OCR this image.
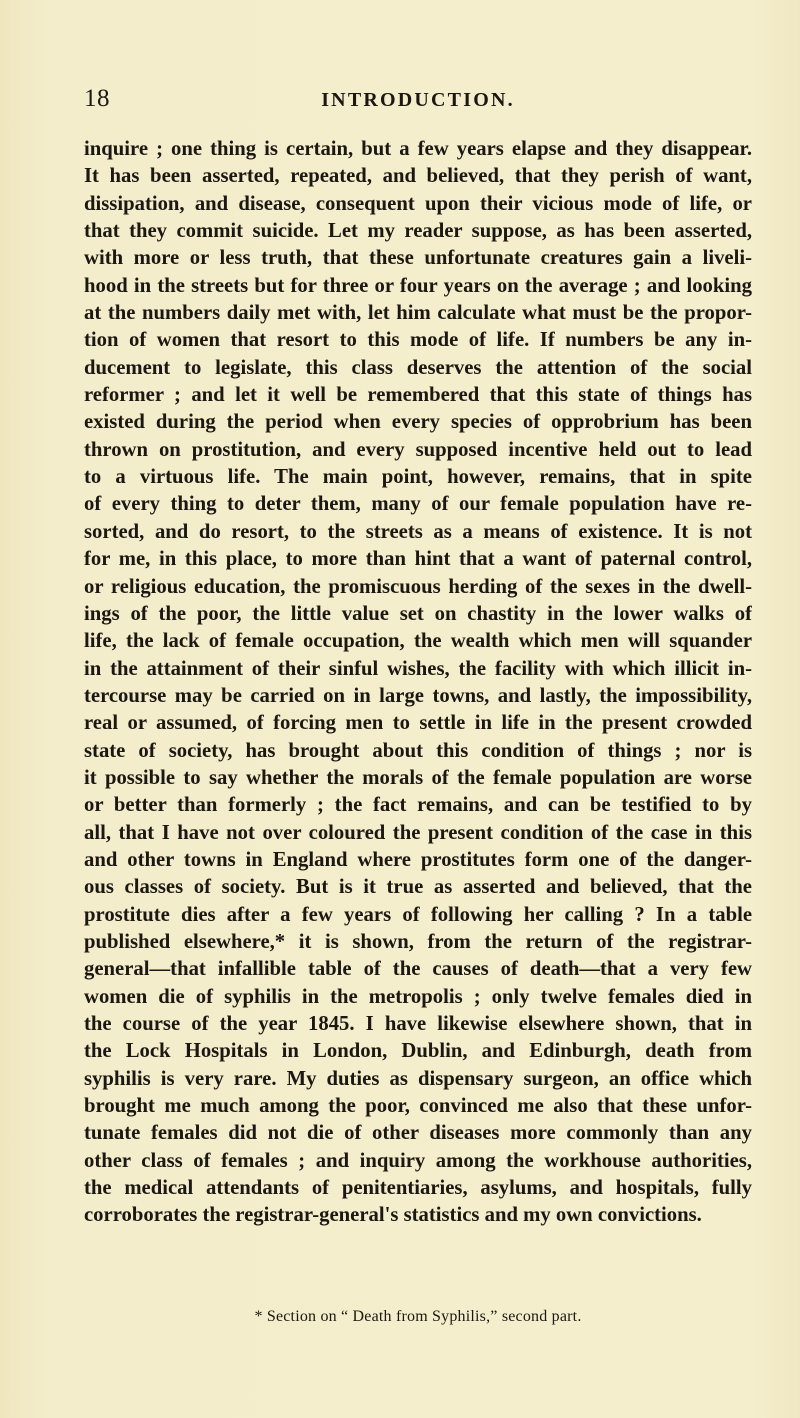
18	INTRODUCTION.
inquire ; one thing is certain, but a few years elapse and they disappear.
It has been asserted, repeated, and believed, that they perish of want,
dissipation, and disease, consequent upon their vicious mode of life, or
that they commit suicide. Let my reader suppose, as has been asserted,
with more or less truth, that these unfortunate creatures gain a liveli-
hood in the streets but for three or four years on the average ; and looking
at the numbers daily met with, let him calculate what must be the propor-
tion of women that resort to this mode of life. If numbers be any in-
ducement to legislate, this class deserves the attention of the social
reformer ; and let it well be remembered that this state of things has
existed during the period when every species of opprobrium has been
thrown on prostitution, and every supposed incentive held out to lead
to a virtuous life. The main point, however, remains, that in spite
of every thing to deter them, many of our female population have re-
sorted, and do resort, to the streets as a means of existence. It is not
for me, in this place, to more than hint that a want of paternal control,
or religious education, the promiscuous herding of the sexes in the dwell-
ings of the poor, the little value set on chastity in the lower walks of
life, the lack of female occupation, the wealth which men will squander
in the attainment of their sinful wishes, the facility with which illicit in-
tercourse may be carried on in large towns, and lastly, the impossibility,
real or assumed, of forcing men to settle in life in the present crowded
state of society, has brought about this condition of things ; nor is
it possible to say whether the morals of the female population are worse
or better than formerly ; the fact remains, and can be testified to by
all, that I have not over coloured the present condition of the case in this
and other towns in England where prostitutes form one of the danger-
ous classes of society. But is it true as asserted and believed, that the
prostitute dies after a few years of following her calling ? In a table
published elsewhere,* it is shown, from the return of the registrar-
general—that infallible table of the causes of death—that a very few
women die of syphilis in the metropolis ; only twelve females died in
the course of the year 1845. I have likewise elsewhere shown, that in
the Lock Hospitals in London, Dublin, and Edinburgh, death from
syphilis is very rare. My duties as dispensary surgeon, an office which
brought me much among the poor, convinced me also that these unfor-
tunate females did not die of other diseases more commonly than any
other class of females ; and inquiry among the workhouse authorities,
the medical attendants of penitentiaries, asylums, and hospitals, fully
corroborates the registrar-general's statistics and my own convictions.
* Section on “ Death from Syphilis,” second part.
